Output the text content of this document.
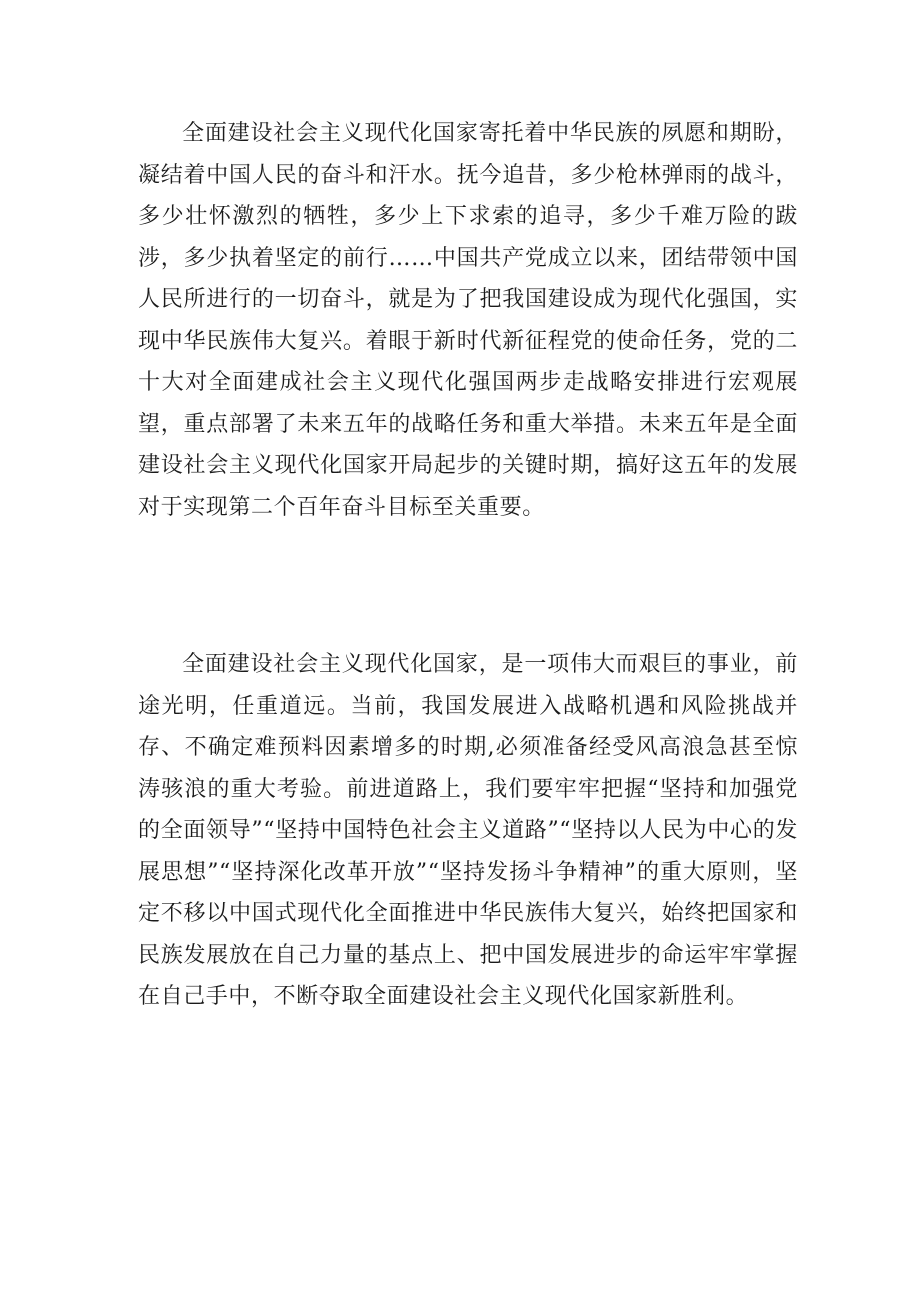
全面建设社会主义现代化国家寄托着中华民族的夙愿和期盼，凝结着中国人民的奋斗和汗水。抚今追昔，多少枪林弹雨的战斗，多少壮怀激烈的牺牲，多少上下求索的追寻，多少千难万险的跋涉，多少执着坚定的前行……中国共产党成立以来，团结带领中国人民所进行的一切奋斗，就是为了把我国建设成为现代化强国，实现中华民族伟大复兴。着眼于新时代新征程党的使命任务，党的二十大对全面建成社会主义现代化强国两步走战略安排进行宏观展望，重点部署了未来五年的战略任务和重大举措。未来五年是全面建设社会主义现代化国家开局起步的关键时期，搞好这五年的发展对于实现第二个百年奋斗目标至关重要。

全面建设社会主义现代化国家，是一项伟大而艰巨的事业，前途光明，任重道远。当前，我国发展进入战略机遇和风险挑战并存、不确定难预料因素增多的时期,必须准备经受风高浪急甚至惊涛骇浪的重大考验。前进道路上，我们要牢牢把握“坚持和加强党的全面领导”“坚持中国特色社会主义道路”“坚持以人民为中心的发展思想”“坚持深化改革开放”“坚持发扬斗争精神”的重大原则，坚定不移以中国式现代化全面推进中华民族伟大复兴，始终把国家和民族发展放在自己力量的基点上、把中国发展进步的命运牢牢掌握在自己手中，不断夺取全面建设社会主义现代化国家新胜利。
